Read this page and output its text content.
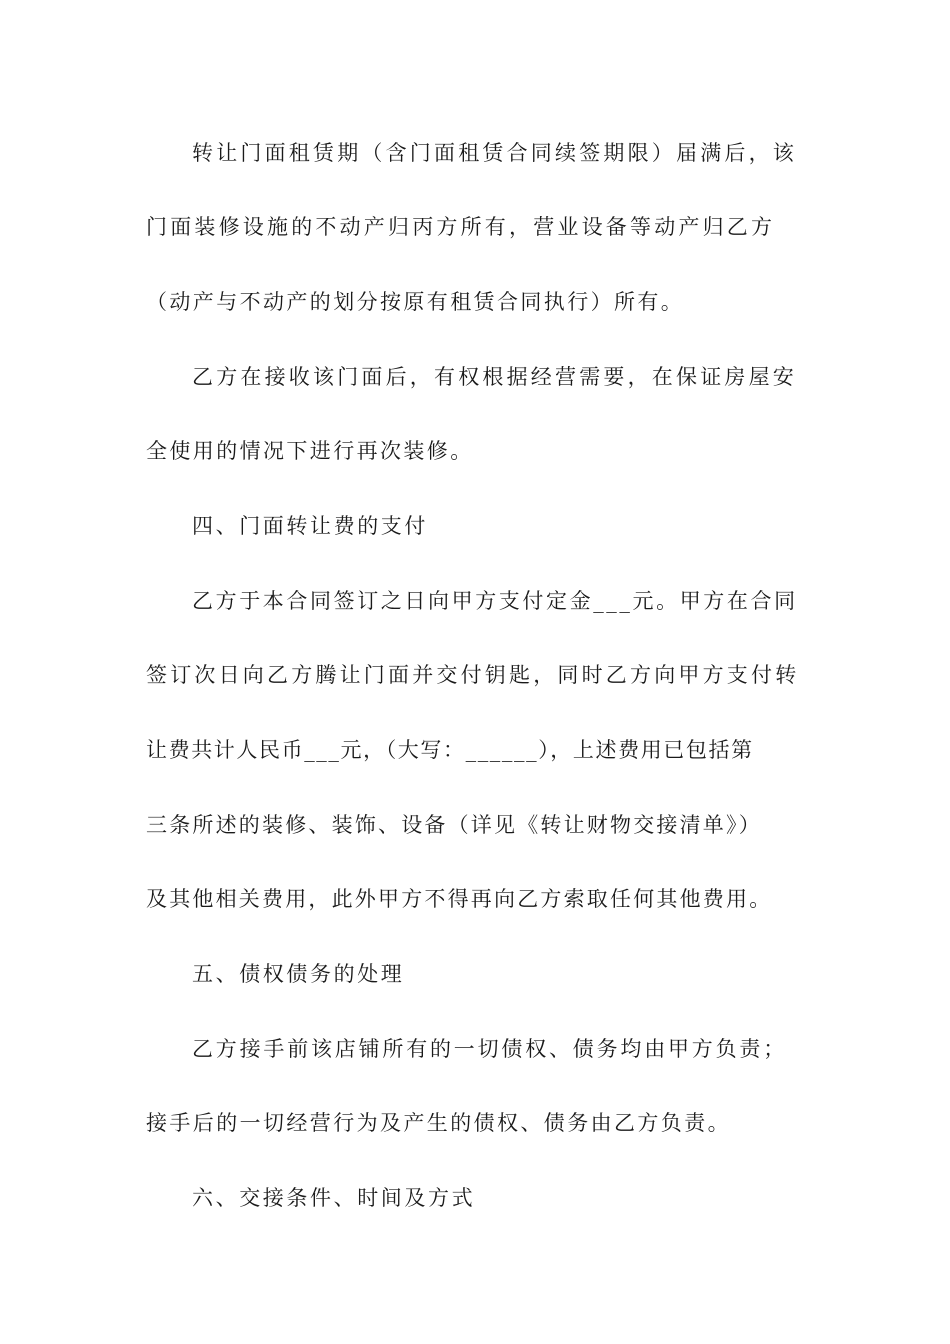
转让门面租赁期（含门面租赁合同续签期限）届满后，该
门面装修设施的不动产归丙方所有，营业设备等动产归乙方
（动产与不动产的划分按原有租赁合同执行）所有。
乙方在接收该门面后，有权根据经营需要，在保证房屋安
全使用的情况下进行再次装修。
四、门面转让费的支付
乙方于本合同签订之日向甲方支付定金___元。甲方在合同
签订次日向乙方腾让门面并交付钥匙，同时乙方向甲方支付转
让费共计人民币___元，（大写：______），上述费用已包括第
三条所述的装修、装饰、设备（详见《转让财物交接清单》）
及其他相关费用，此外甲方不得再向乙方索取任何其他费用。
五、债权债务的处理
乙方接手前该店铺所有的一切债权、债务均由甲方负责；
接手后的一切经营行为及产生的债权、债务由乙方负责。
六、交接条件、时间及方式
